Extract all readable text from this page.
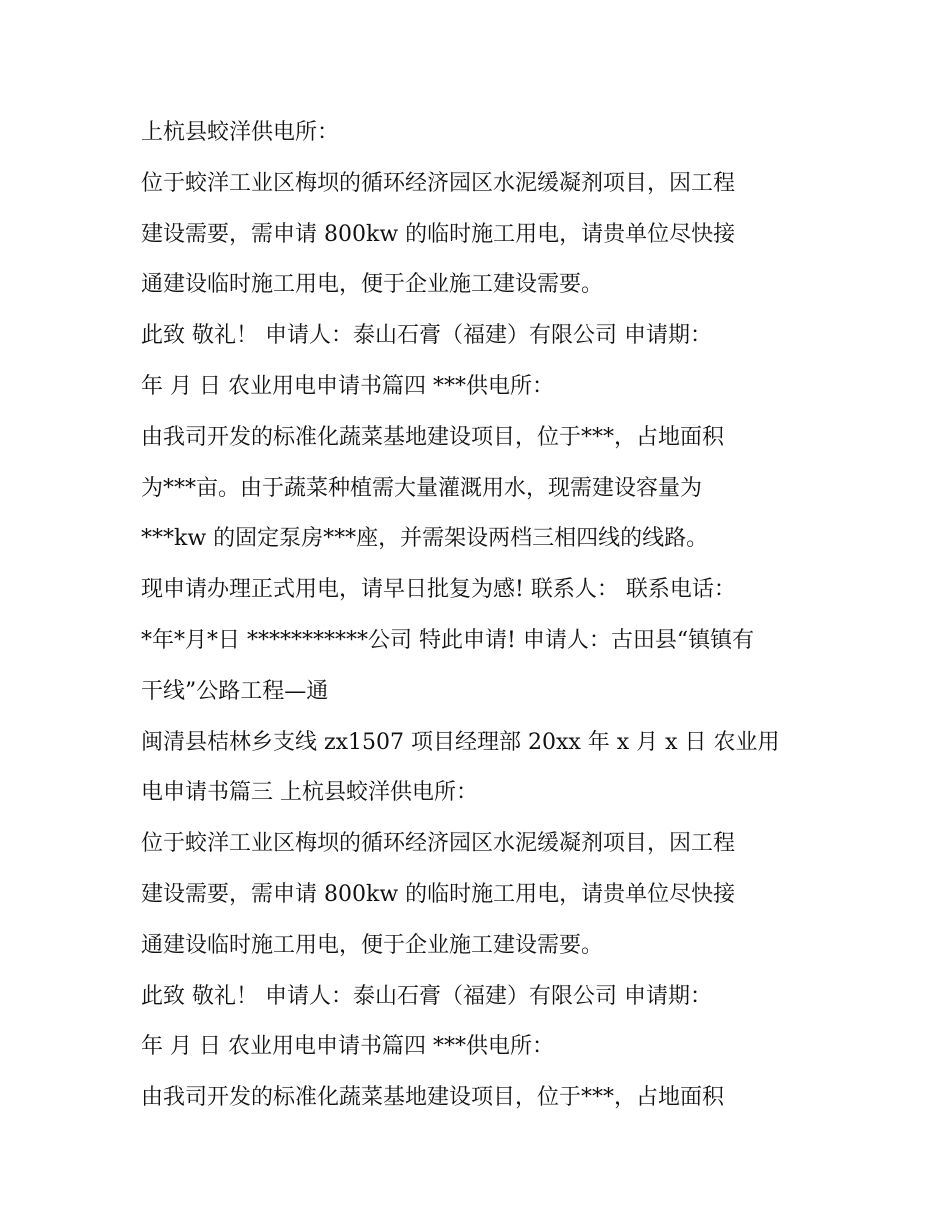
上杭县蛟洋供电所：
位于蛟洋工业区梅坝的循环经济园区水泥缓凝剂项目，因工程
建设需要，需申请 800kw 的临时施工用电，请贵单位尽快接
通建设临时施工用电，便于企业施工建设需要。
此致 敬礼！ 申请人：泰山石膏（福建）有限公司 申请期：
年 月 日 农业用电申请书篇四 ***供电所：
由我司开发的标准化蔬菜基地建设项目，位于***，占地面积
为***亩。由于蔬菜种植需大量灌溉用水，现需建设容量为
***kw 的固定泵房***座，并需架设两档三相四线的线路。
现申请办理正式用电，请早日批复为感! 联系人： 联系电话：
*年*月*日 ***********公司 特此申请! 申请人：古田县“镇镇有
干线”公路工程—通
闽清县桔林乡支线 zx1507 项目经理部 20xx 年 x 月 x 日 农业用
电申请书篇三 上杭县蛟洋供电所：
位于蛟洋工业区梅坝的循环经济园区水泥缓凝剂项目，因工程
建设需要，需申请 800kw 的临时施工用电，请贵单位尽快接
通建设临时施工用电，便于企业施工建设需要。
此致 敬礼！ 申请人：泰山石膏（福建）有限公司 申请期：
年 月 日 农业用电申请书篇四 ***供电所：
由我司开发的标准化蔬菜基地建设项目，位于***，占地面积
